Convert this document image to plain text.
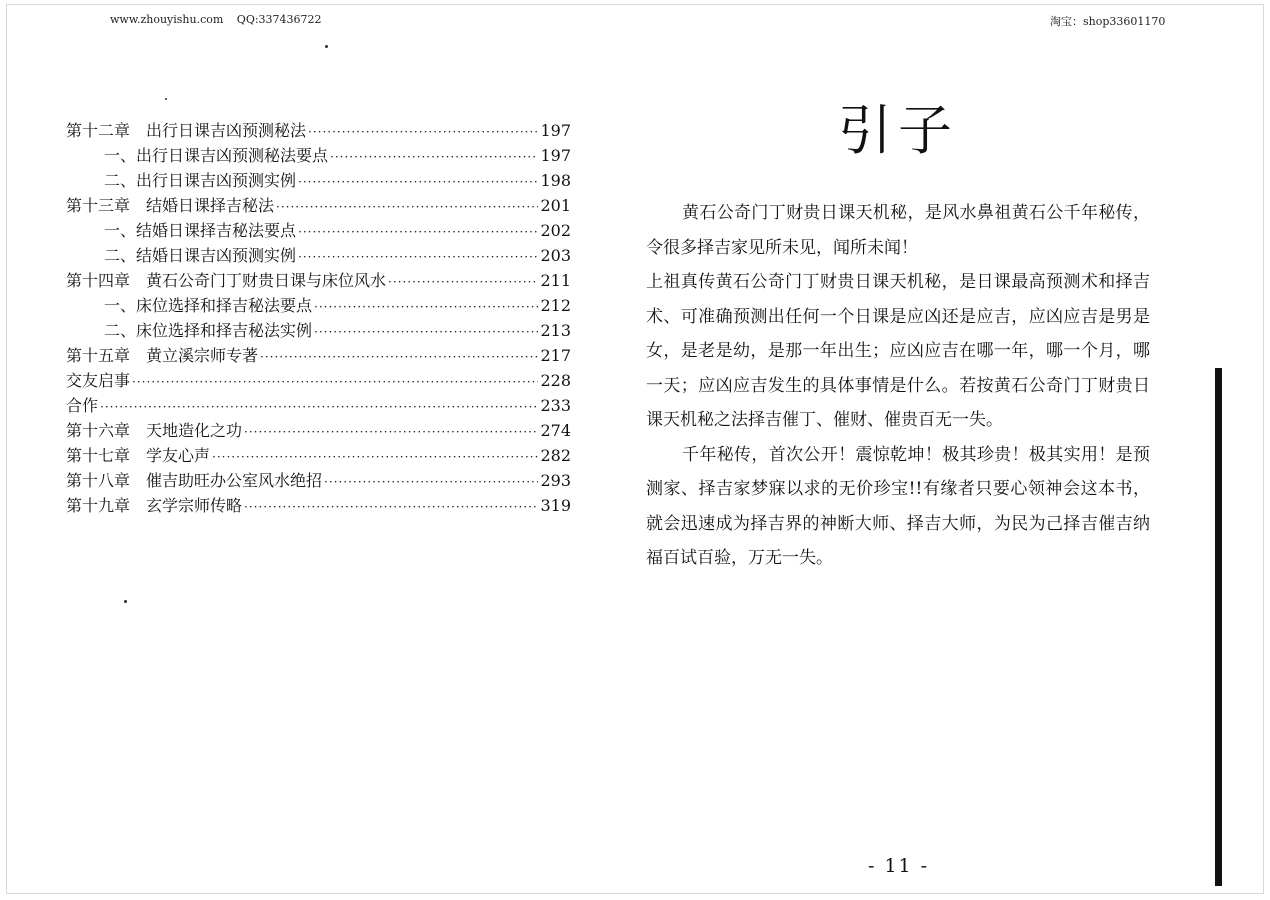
www.zhouyishu.com QQ:337436722	淘宝：shop33601170
第十二章　出行日课吉凶预测秘法 ·····	197
一、出行日课吉凶预测秘法要点 ·····	197
二、出行日课吉凶预测实例 ·····	198
第十三章　结婚日课择吉秘法 ·····	201
一、结婚日课择吉秘法要点 ·····	202
二、结婚日课吉凶预测实例 ·····	203
第十四章　黄石公奇门丁财贵日课与床位风水 ·····	211
一、床位选择和择吉秘法要点 ·····	212
二、床位选择和择吉秘法实例 ·····	213
第十五章　黄立溪宗师专著 ·····	217
交友启事 ·····	228
合作 ·····	233
第十六章　天地造化之功 ·····	274
第十七章　学友心声 ·····	282
第十八章　催吉助旺办公室风水绝招 ·····	293
第十九章　玄学宗师传略 ·····	319
引子

黄石公奇门丁财贵日课天机秘，是风水鼻祖黄石公千年秘传，令很多择吉家见所未见，闻所未闻！

上祖真传黄石公奇门丁财贵日课天机秘，是日课最高预测术和择吉术、可准确预测出任何一个日课是应凶还是应吉，应凶应吉是男是女，是老是幼，是那一年出生；应凶应吉在哪一年，哪一个月，哪一天；应凶应吉发生的具体事情是什么。若按黄石公奇门丁财贵日课天机秘之法择吉催丁、催财、催贵百无一失。

千年秘传，首次公开！震惊乾坤！极其珍贵！极其实用！是预测家、择吉家梦寐以求的无价珍宝!!有缘者只要心领神会这本书，就会迅速成为择吉界的神断大师、择吉大师，为民为己择吉催吉纳福百试百验，万无一失。

- 11 -
